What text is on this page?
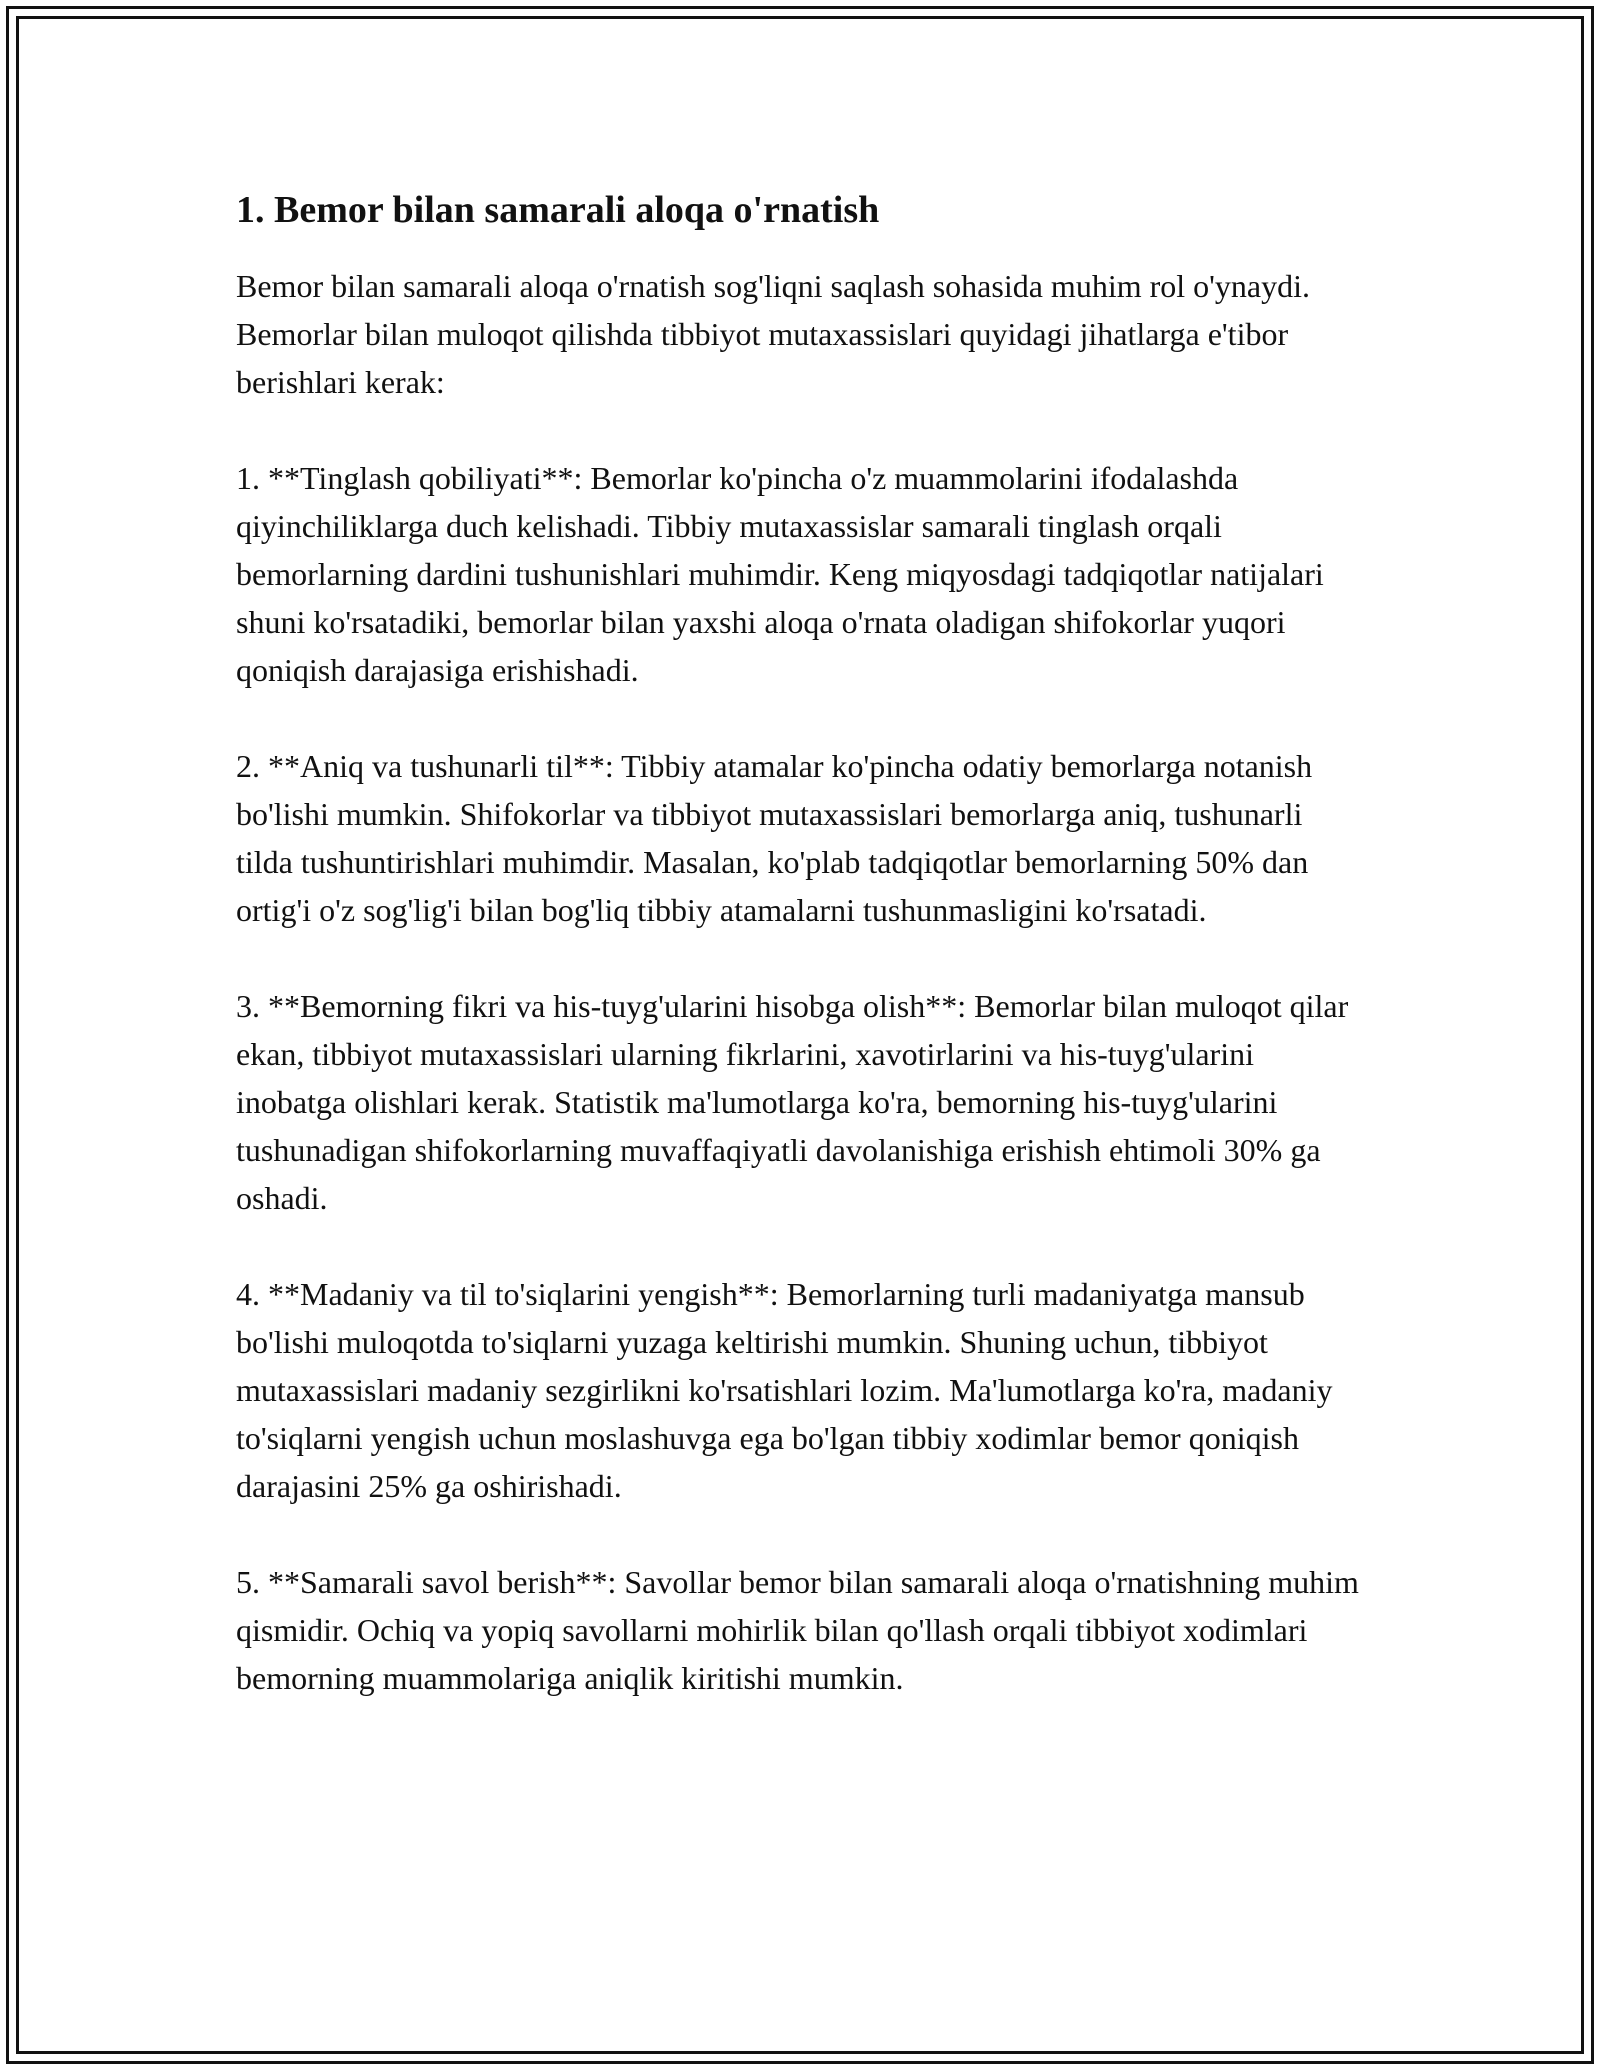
1. Bemor bilan samarali aloqa o'rnatish

Bemor bilan samarali aloqa o'rnatish sog'liqni saqlash sohasida muhim rol o'ynaydi. Bemorlar bilan muloqot qilishda tibbiyot mutaxassislari quyidagi jihatlarga e'tibor berishlari kerak:

1. **Tinglash qobiliyati**: Bemorlar ko'pincha o'z muammolarini ifodalashda qiyinchiliklarga duch kelishadi. Tibbiy mutaxassislar samarali tinglash orqali bemorlarning dardini tushunishlari muhimdir. Keng miqyosdagi tadqiqotlar natijalari shuni ko'rsatadiki, bemorlar bilan yaxshi aloqa o'rnata oladigan shifokorlar yuqori qoniqish darajasiga erishishadi.

2. **Aniq va tushunarli til**: Tibbiy atamalar ko'pincha odatiy bemorlarga notanish bo'lishi mumkin. Shifokorlar va tibbiyot mutaxassislari bemorlarga aniq, tushunarli tilda tushuntirishlari muhimdir. Masalan, ko'plab tadqiqotlar bemorlarning 50% dan ortig'i o'z sog'lig'i bilan bog'liq tibbiy atamalarni tushunmasligini ko'rsatadi.

3. **Bemorning fikri va his-tuyg'ularini hisobga olish**: Bemorlar bilan muloqot qilar ekan, tibbiyot mutaxassislari ularning fikrlarini, xavotirlarini va his-tuyg'ularini inobatga olishlari kerak. Statistik ma'lumotlarga ko'ra, bemorning his-tuyg'ularini tushunadigan shifokorlarning muvaffaqiyatli davolanishiga erishish ehtimoli 30% ga oshadi.

4. **Madaniy va til to'siqlarini yengish**: Bemorlarning turli madaniyatga mansub bo'lishi muloqotda to'siqlarni yuzaga keltirishi mumkin. Shuning uchun, tibbiyot mutaxassislari madaniy sezgirlikni ko'rsatishlari lozim. Ma'lumotlarga ko'ra, madaniy to'siqlarni yengish uchun moslashuvga ega bo'lgan tibbiy xodimlar bemor qoniqish darajasini 25% ga oshirishadi.

5. **Samarali savol berish**: Savollar bemor bilan samarali aloqa o'rnatishning muhim qismidir. Ochiq va yopiq savollarni mohirlik bilan qo'llash orqali tibbiyot xodimlari bemorning muammolariga aniqlik kiritishi mumkin.
